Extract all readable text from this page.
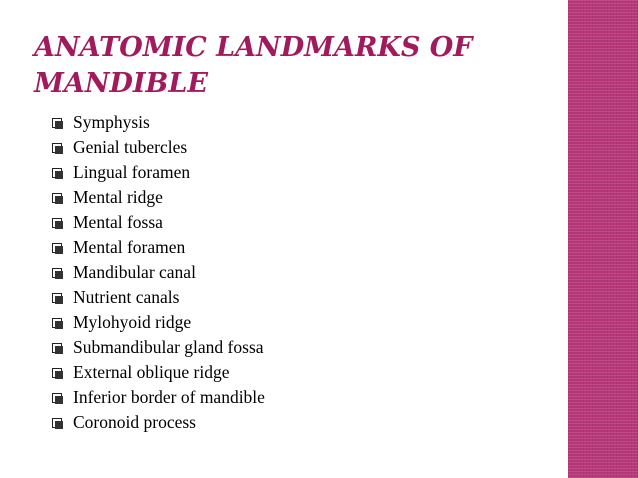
ANATOMIC LANDMARKS OF MANDIBLE
Symphysis
Genial tubercles
Lingual foramen
Mental ridge
Mental fossa
Mental foramen
Mandibular canal
Nutrient canals
Mylohyoid ridge
Submandibular gland fossa
External oblique ridge
Inferior border of mandible
Coronoid process
